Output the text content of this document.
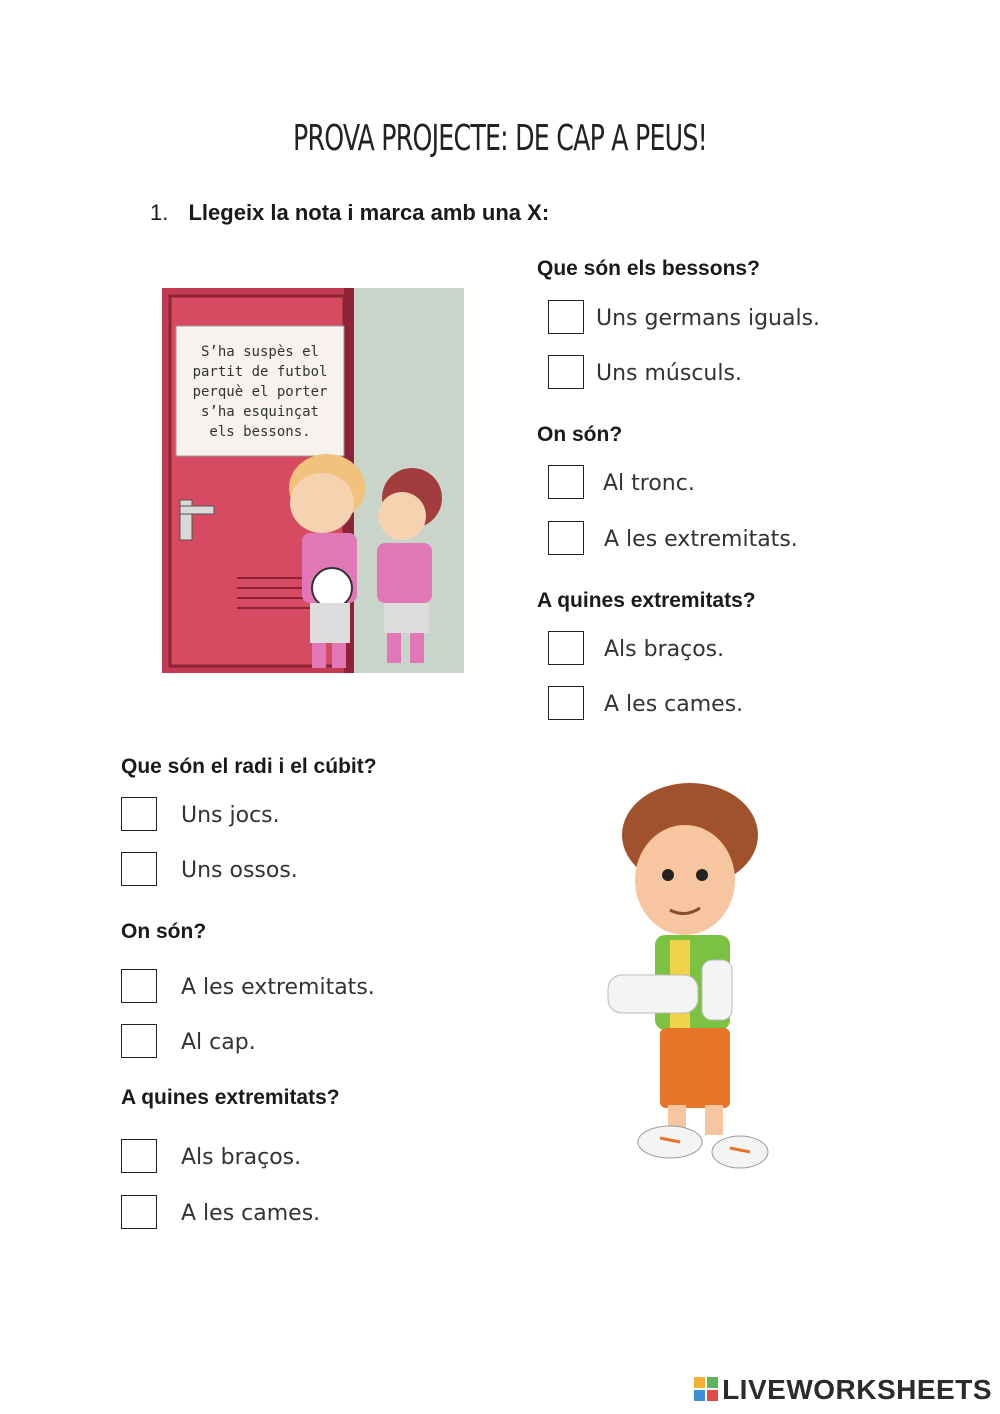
PROVA PROJECTE: DE CAP A PEUS!
1. Llegeix la nota i marca amb una X:
S’ha suspès el
partit de futbol
perquè el porter
s’ha esquinçat
els bessons.
Que són els bessons?
Uns germans iguals.
Uns músculs.
On són?
Al tronc.
A les extremitats.
A quines extremitats?
Als braços.
A les cames.
Que són el radi i el cúbit?
Uns jocs.
Uns ossos.
On són?
A les extremitats.
Al cap.
A quines extremitats?
Als braços.
A les cames.
LIVEWORKSHEETS
